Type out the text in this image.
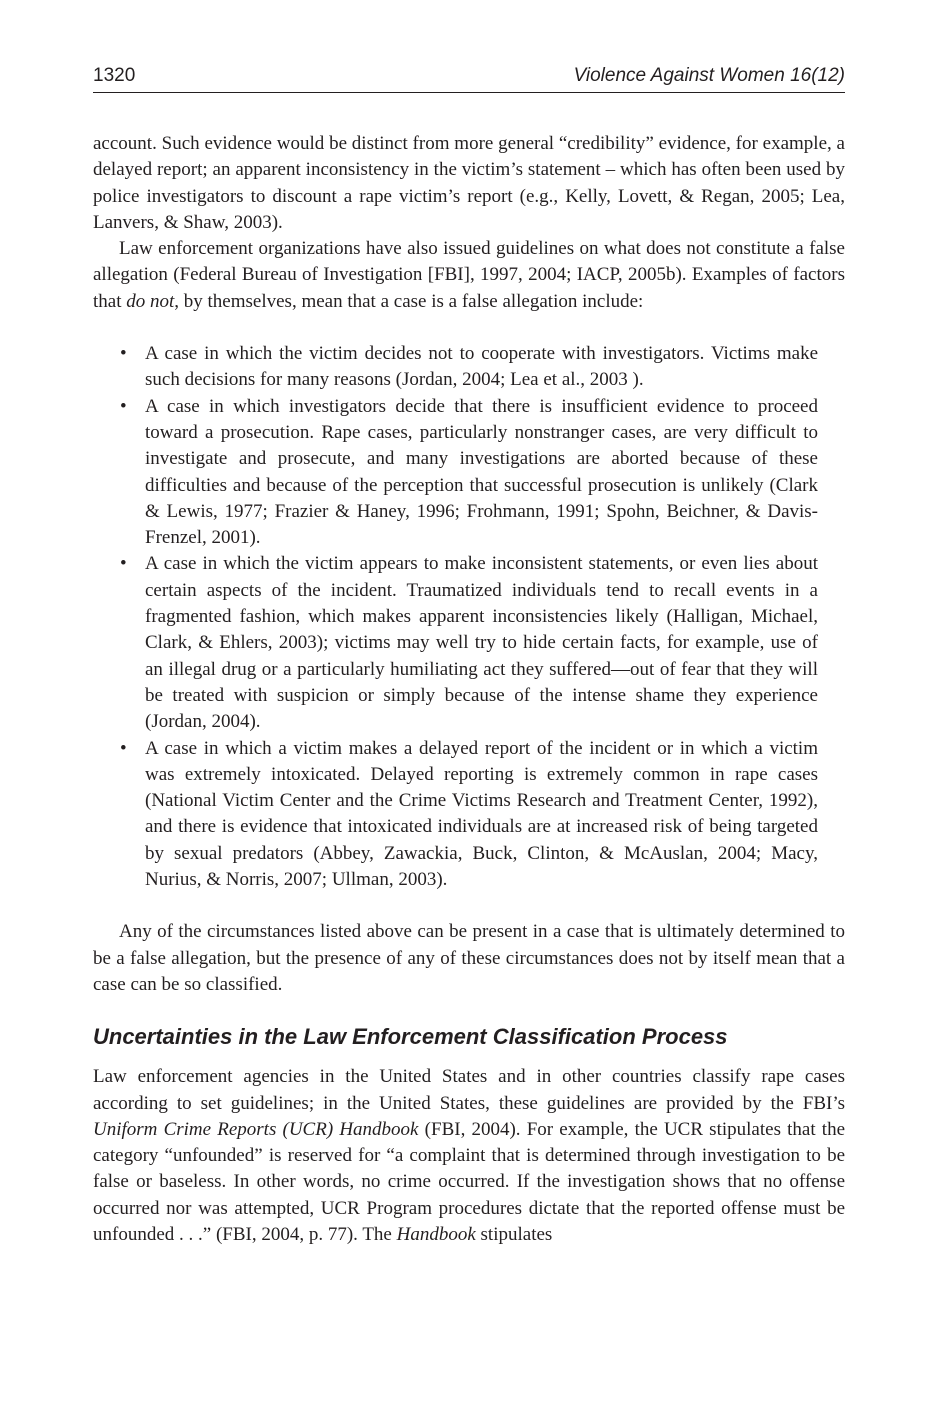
1320	Violence Against Women 16(12)

account. Such evidence would be distinct from more general “credibility” evidence, for example, a delayed report; an apparent inconsistency in the victim’s statement – which has often been used by police investigators to discount a rape victim’s report (e.g., Kelly, Lovett, & Regan, 2005; Lea, Lanvers, & Shaw, 2003).

Law enforcement organizations have also issued guidelines on what does not constitute a false allegation (Federal Bureau of Investigation [FBI], 1997, 2004; IACP, 2005b). Examples of factors that do not, by themselves, mean that a case is a false allegation include:

• A case in which the victim decides not to cooperate with investigators. Victims make such decisions for many reasons (Jordan, 2004; Lea et al., 2003 ).
• A case in which investigators decide that there is insufficient evidence to proceed toward a prosecution. Rape cases, particularly nonstranger cases, are very difficult to investigate and prosecute, and many investigations are aborted because of these difficulties and because of the perception that successful prosecution is unlikely (Clark & Lewis, 1977; Frazier & Haney, 1996; Frohmann, 1991; Spohn, Beichner, & Davis-Frenzel, 2001).
• A case in which the victim appears to make inconsistent statements, or even lies about certain aspects of the incident. Traumatized individuals tend to recall events in a fragmented fashion, which makes apparent inconsistencies likely (Halligan, Michael, Clark, & Ehlers, 2003); victims may well try to hide certain facts, for example, use of an illegal drug or a particularly humiliating act they suffered—out of fear that they will be treated with suspicion or simply because of the intense shame they experience (Jordan, 2004).
• A case in which a victim makes a delayed report of the incident or in which a victim was extremely intoxicated. Delayed reporting is extremely common in rape cases (National Victim Center and the Crime Victims Research and Treatment Center, 1992), and there is evidence that intoxicated individuals are at increased risk of being targeted by sexual predators (Abbey, Zawackia, Buck, Clinton, & McAuslan, 2004; Macy, Nurius, & Norris, 2007; Ullman, 2003).

Any of the circumstances listed above can be present in a case that is ultimately determined to be a false allegation, but the presence of any of these circumstances does not by itself mean that a case can be so classified.

Uncertainties in the Law Enforcement Classification Process

Law enforcement agencies in the United States and in other countries classify rape cases according to set guidelines; in the United States, these guidelines are provided by the FBI’s Uniform Crime Reports (UCR) Handbook (FBI, 2004). For example, the UCR stipulates that the category “unfounded” is reserved for “a complaint that is determined through investigation to be false or baseless. In other words, no crime occurred. If the investigation shows that no offense occurred nor was attempted, UCR Program procedures dictate that the reported offense must be unfounded . . .” (FBI, 2004, p. 77). The Handbook stipulates
